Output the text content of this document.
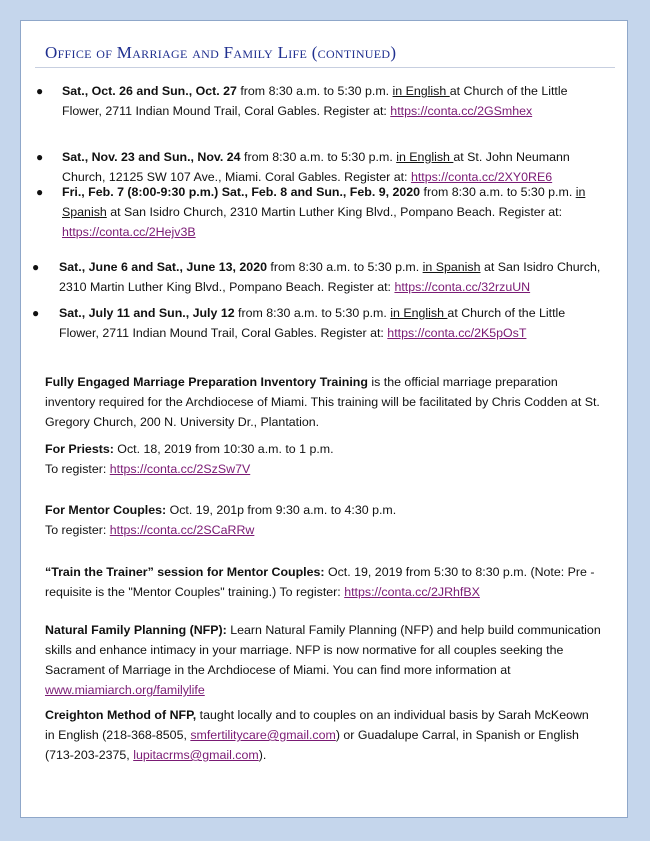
Office of Marriage and Family Life (continued)
● Sat., Oct. 26 and Sun., Oct. 27 from 8:30 a.m. to 5:30 p.m. in English at Church of the Little Flower, 2711 Indian Mound Trail, Coral Gables. Register at: https://conta.cc/2GSmhex

● Sat., Nov. 23 and Sun., Nov. 24 from 8:30 a.m. to 5:30 p.m. in English at St. John Neumann Church, 12125 SW 107 Ave., Miami. Coral Gables. Register at: https://conta.cc/2XY0RE6

● Fri., Feb. 7 (8:00-9:30 p.m.) Sat., Feb. 8 and Sun., Feb. 9, 2020 from 8:30 a.m. to 5:30 p.m. in Spanish at San Isidro Church, 2310 Martin Luther King Blvd., Pompano Beach. Register at: https://conta.cc/2Hejv3B

● Sat., June 6 and Sat., June 13, 2020 from 8:30 a.m. to 5:30 p.m. in Spanish at San Isidro Church, 2310 Martin Luther King Blvd., Pompano Beach. Register at: https://conta.cc/32rzuUN

● Sat., July 11 and Sun., July 12 from 8:30 a.m. to 5:30 p.m. in English at Church of the Little Flower, 2711 Indian Mound Trail, Coral Gables. Register at: https://conta.cc/2K5pOsT

Fully Engaged Marriage Preparation Inventory Training is the official marriage preparation inventory required for the Archdiocese of Miami. This training will be facilitated by Chris Codden at St. Gregory Church, 200 N. University Dr., Plantation.

For Priests: Oct. 18, 2019 from 10:30 a.m. to 1 p.m.
To register: https://conta.cc/2SzSw7V

For Mentor Couples: Oct. 19, 201p from 9:30 a.m. to 4:30 p.m.
To register: https://conta.cc/2SCaRRw

“Train the Trainer” session for Mentor Couples: Oct. 19, 2019 from 5:30 to 8:30 p.m. (Note: Pre -requisite is the "Mentor Couples" training.) To register: https://conta.cc/2JRhfBX

Natural Family Planning (NFP): Learn Natural Family Planning (NFP) and help build communication skills and enhance intimacy in your marriage. NFP is now normative for all couples seeking the Sacrament of Marriage in the Archdiocese of Miami. You can find more information at www.miamiarch.org/familylife

Creighton Method of NFP, taught locally and to couples on an individual basis by Sarah McKeown in English (218-368-8505, smfertilitycare@gmail.com) or Guadalupe Carral, in Spanish or English (713-203-2375, lupitacrms@gmail.com).
